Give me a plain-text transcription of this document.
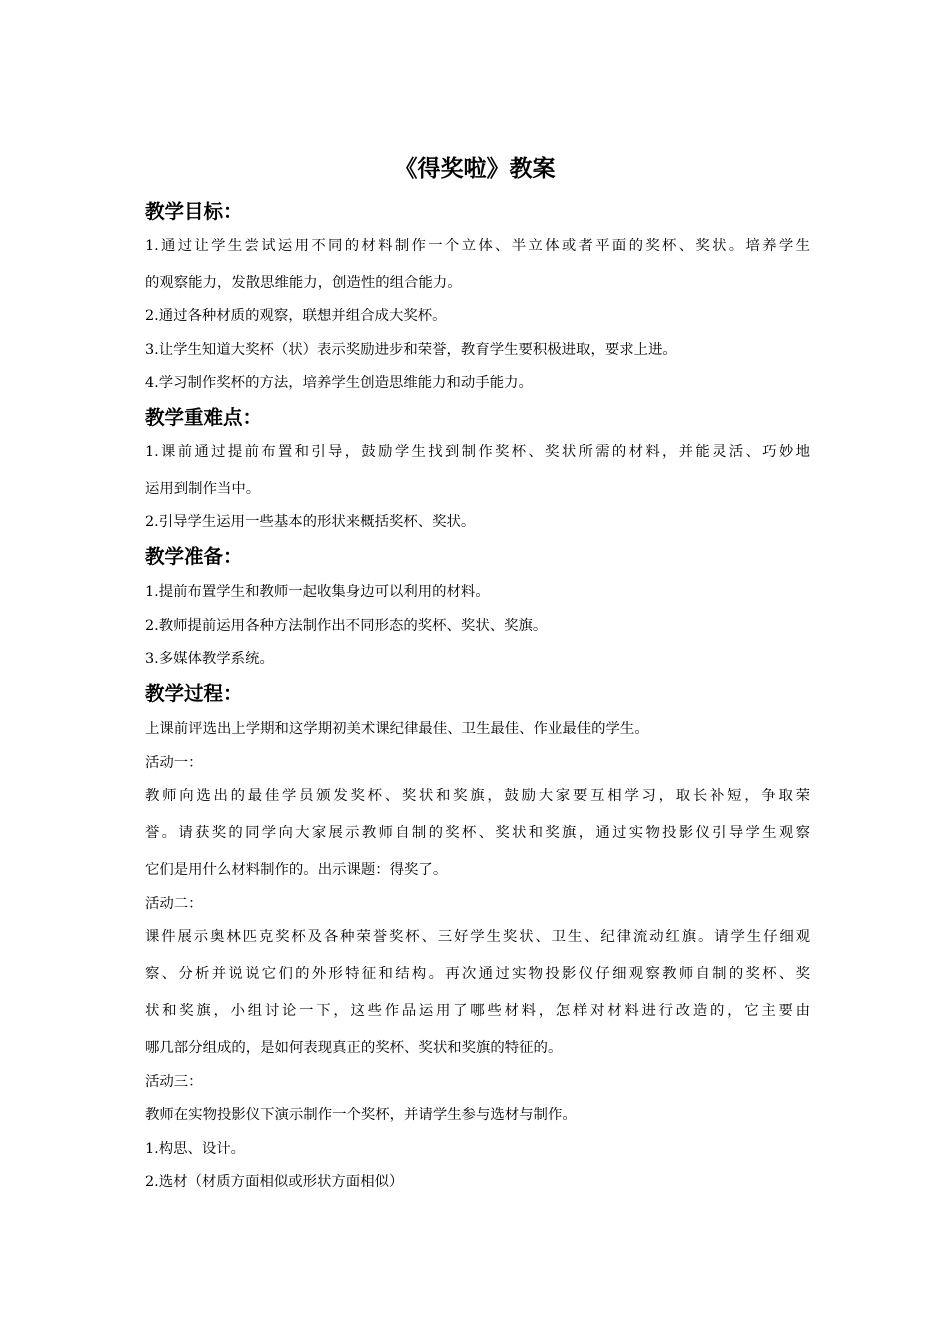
《得奖啦》教案
教学目标：
1.通过让学生尝试运用不同的材料制作一个立体、半立体或者平面的奖杯、奖状。培养学生
的观察能力，发散思维能力，创造性的组合能力。
2.通过各种材质的观察，联想并组合成大奖杯。
3.让学生知道大奖杯（状）表示奖励进步和荣誉，教育学生要积极进取，要求上进。
4.学习制作奖杯的方法，培养学生创造思维能力和动手能力。
教学重难点：
1.课前通过提前布置和引导，鼓励学生找到制作奖杯、奖状所需的材料，并能灵活、巧妙地
运用到制作当中。
2.引导学生运用一些基本的形状来概括奖杯、奖状。
教学准备：
1.提前布置学生和教师一起收集身边可以利用的材料。
2.教师提前运用各种方法制作出不同形态的奖杯、奖状、奖旗。
3.多媒体教学系统。
教学过程：
上课前评选出上学期和这学期初美术课纪律最佳、卫生最佳、作业最佳的学生。
活动一：
教师向选出的最佳学员颁发奖杯、奖状和奖旗，鼓励大家要互相学习，取长补短，争取荣
誉。请获奖的同学向大家展示教师自制的奖杯、奖状和奖旗，通过实物投影仪引导学生观察
它们是用什么材料制作的。出示课题：得奖了。
活动二：
课件展示奥林匹克奖杯及各种荣誉奖杯、三好学生奖状、卫生、纪律流动红旗。请学生仔细观
察、分析并说说它们的外形特征和结构。再次通过实物投影仪仔细观察教师自制的奖杯、奖
状和奖旗，小组讨论一下，这些作品运用了哪些材料，怎样对材料进行改造的，它主要由
哪几部分组成的，是如何表现真正的奖杯、奖状和奖旗的特征的。
活动三：
教师在实物投影仪下演示制作一个奖杯，并请学生参与选材与制作。
1.构思、设计。
2.选材（材质方面相似或形状方面相似）
